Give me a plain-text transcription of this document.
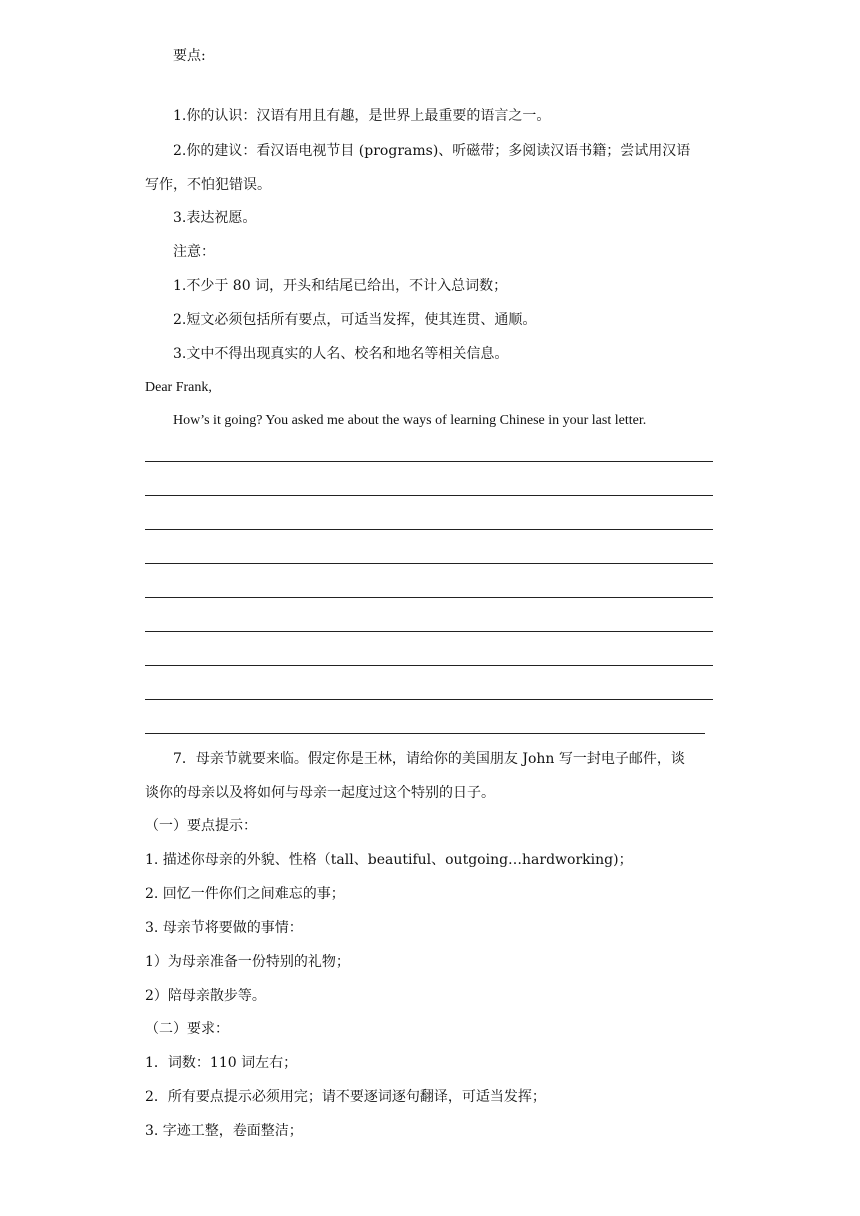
要点:
1.你的认识：汉语有用且有趣，是世界上最重要的语言之一。
2.你的建议：看汉语电视节目 (programs)、听磁带；多阅读汉语书籍；尝试用汉语
写作，不怕犯错误。
3.表达祝愿。
注意：
1.不少于 80 词，开头和结尾已给出，不计入总词数；
2.短文必须包括所有要点，可适当发挥，使其连贯、通顺。
3.文中不得出现真实的人名、校名和地名等相关信息。
Dear Frank,
How’s it going? You asked me about the ways of learning Chinese in your last letter.
7．母亲节就要来临。假定你是王林，请给你的美国朋友 John 写一封电子邮件，谈
谈你的母亲以及将如何与母亲一起度过这个特别的日子。
（一）要点提示：
1. 描述你母亲的外貌、性格（tall、beautiful、outgoing…hardworking)；
2. 回忆一件你们之间难忘的事；
3. 母亲节将要做的事情：
1）为母亲准备一份特别的礼物；
2）陪母亲散步等。
（二）要求：
1．词数：110 词左右；
2．所有要点提示必须用完；请不要逐词逐句翻译，可适当发挥；
3. 字迹工整，卷面整洁；
